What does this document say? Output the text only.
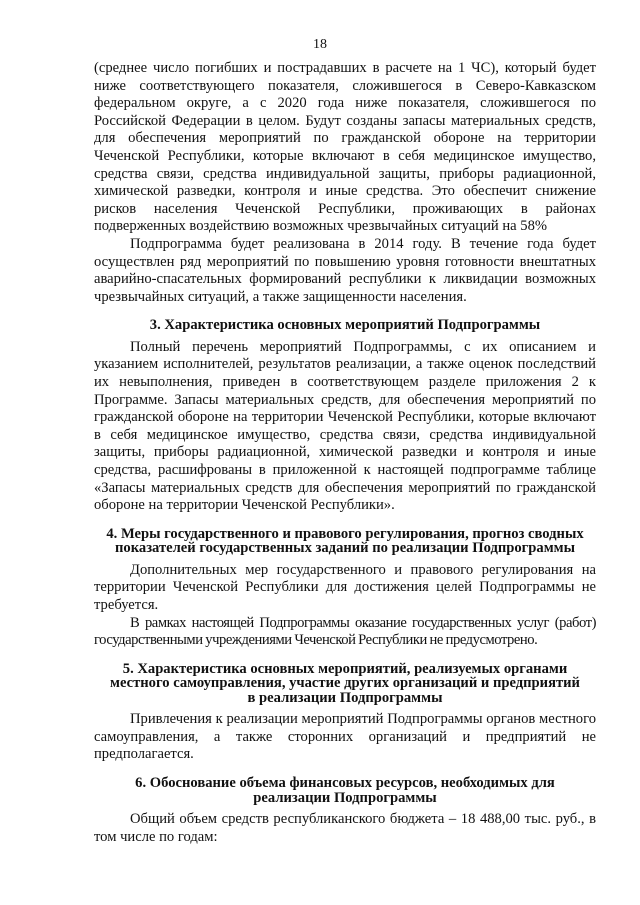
18

(среднее число погибших и пострадавших в расчете на 1 ЧС), который будет ниже соответствующего показателя, сложившегося в Северо-Кавказском федеральном округе, а с 2020 года ниже показателя, сложившегося по Российской Федерации в целом. Будут созданы запасы материальных средств, для обеспечения мероприятий по гражданской обороне на территории Чеченской Республики, которые включают в себя медицинское имущество, средства связи, средства индивидуальной защиты, приборы радиационной, химической разведки, контроля и иные средства. Это обеспечит снижение рисков населения Чеченской Республики, проживающих в районах подверженных воздействию возможных чрезвычайных ситуаций на 58%

Подпрограмма будет реализована в 2014 году. В течение года будет осуществлен ряд мероприятий по повышению уровня готовности внештатных аварийно-спасательных формирований республики к ликвидации возможных чрезвычайных ситуаций, а также защищенности населения.

3. Характеристика основных мероприятий Подпрограммы

Полный перечень мероприятий Подпрограммы, с их описанием и указанием исполнителей, результатов реализации, а также оценок последствий их невыполнения, приведен в соответствующем разделе приложения 2 к Программе. Запасы материальных средств, для обеспечения мероприятий по гражданской обороне на территории Чеченской Республики, которые включают в себя медицинское имущество, средства связи, средства индивидуальной защиты, приборы радиационной, химической разведки и контроля и иные средства, расшифрованы в приложенной к настоящей подпрограмме таблице «Запасы материальных средств для обеспечения мероприятий по гражданской обороне на территории Чеченской Республики».

4. Меры государственного и правового регулирования, прогноз сводных
показателей государственных заданий по реализации Подпрограммы

Дополнительных мер государственного и правового регулирования на территории Чеченской Республики для достижения целей Подпрограммы не требуется.

В рамках настоящей Подпрограммы оказание государственных услуг (работ) государственными учреждениями Чеченской Республики не предусмотрено.

5. Характеристика основных мероприятий, реализуемых органами
местного самоуправления, участие других организаций и предприятий
в реализации Подпрограммы

Привлечения к реализации мероприятий Подпрограммы органов местного самоуправления, а также сторонних организаций и предприятий не предполагается.

6. Обоснование объема финансовых ресурсов, необходимых для
реализации Подпрограммы

Общий объем средств республиканского бюджета – 18 488,00 тыс. руб., в том числе по годам:
